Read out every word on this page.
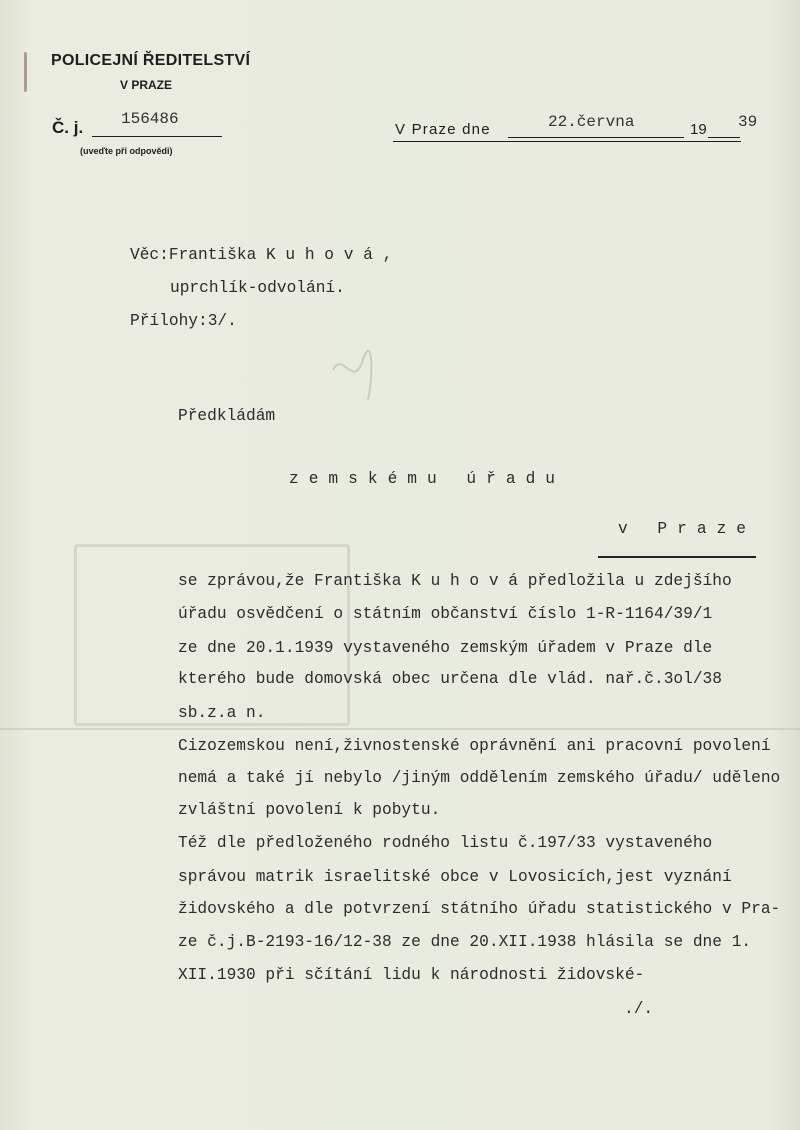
POLICEJNÍ ŘEDITELSTVÍ
V PRAZE
Č. j. 156486
(uveďte při odpovědi)
V Praze dne	22.června	19 39
Věc:Františka K u h o v á ,
uprchlík-odvolání.
Přílohy:3/.
Předkládám
zemskému úřadu
v Praze
se zprávou,že Františka K u h o v á předložila u zdejšího
úřadu osvědčení o státním občanství číslo 1-R-1164/39/1
ze dne 20.1.1939 vystaveného zemským úřadem v Praze dle
kterého bude domovská obec určena dle vlád. nař.č.3ol/38
sb.z.a n.
Cizozemskou není,živnostenské oprávnění ani pracovní povolení
nemá a také jí nebylo /jiným oddělením zemského úřadu/ uděleno
zvláštní povolení k pobytu.
Též dle předloženého rodného listu č.197/33 vystaveného
správou matrik israelitské obce v Lovosicích,jest vyznání
židovského a dle potvrzení státního úřadu statistického v Pra-
ze č.j.B-2193-16/12-38 ze dne 20.XII.1938 hlásila se dne 1.
XII.1930 při sčítání lidu k národnosti židovské-
./.
